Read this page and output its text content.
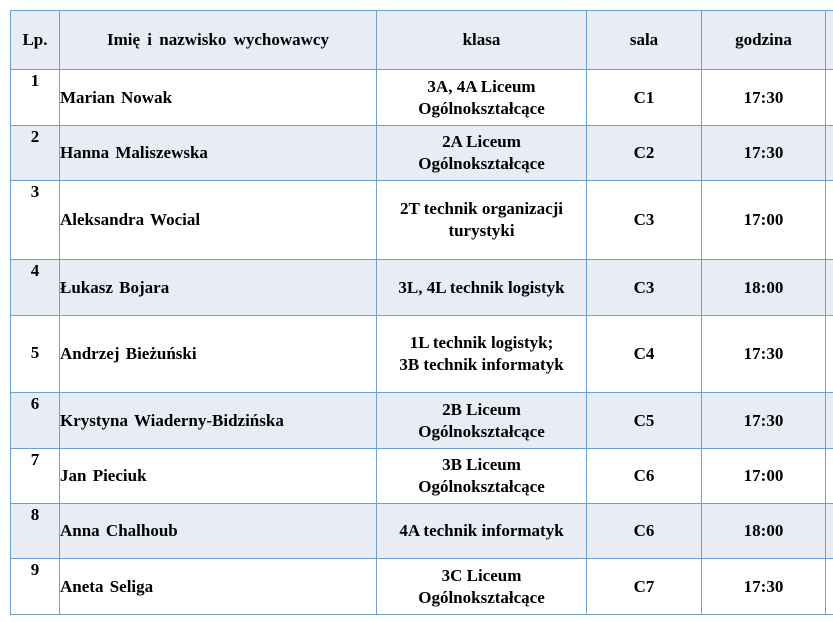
Lp.	Imię i nazwisko wychowawcy	klasa	sala	godzina	
1	Marian Nowak	3A, 4A Liceum
Ogólnokształcące	C1	17:30	
2	Hanna Maliszewska	2A Liceum
Ogólnokształcące	C2	17:30	
3	Aleksandra Wocial	2T technik organizacji
turystyki	C3	17:00	
4	Łukasz Bojara	3L, 4L technik logistyk	C3	18:00	
5	Andrzej Bieżuński	1L technik logistyk;
3B technik informatyk	C4	17:30	
6	Krystyna Wiaderny-Bidzińska	2B Liceum
Ogólnokształcące	C5	17:30	
7	Jan Pieciuk	3B Liceum
Ogólnokształcące	C6	17:00	
8	Anna Chalhoub	4A technik informatyk	C6	18:00	
9	Aneta Seliga	3C Liceum
Ogólnokształcące	C7	17:30	
